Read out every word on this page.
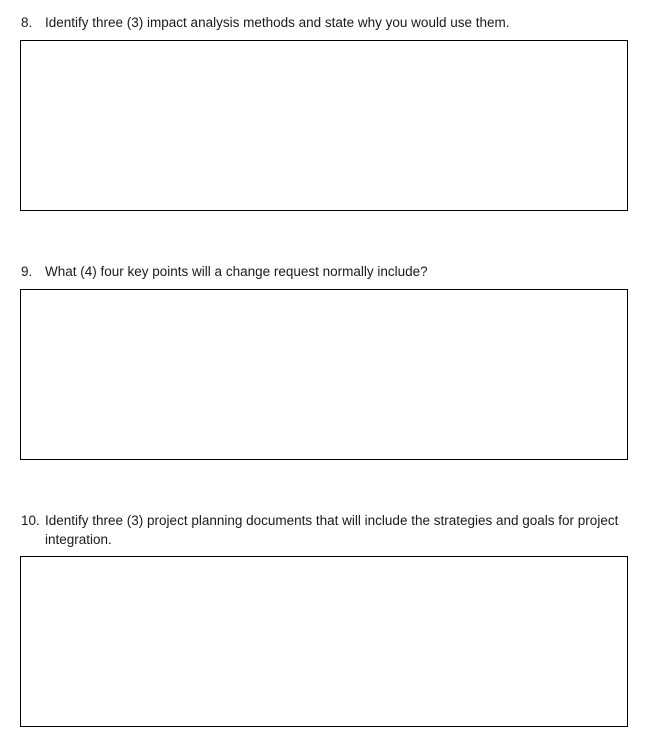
8. Identify three (3) impact analysis methods and state why you would use them.
9. What (4) four key points will a change request normally include?
10. Identify three (3) project planning documents that will include the strategies and goals for project integration.
